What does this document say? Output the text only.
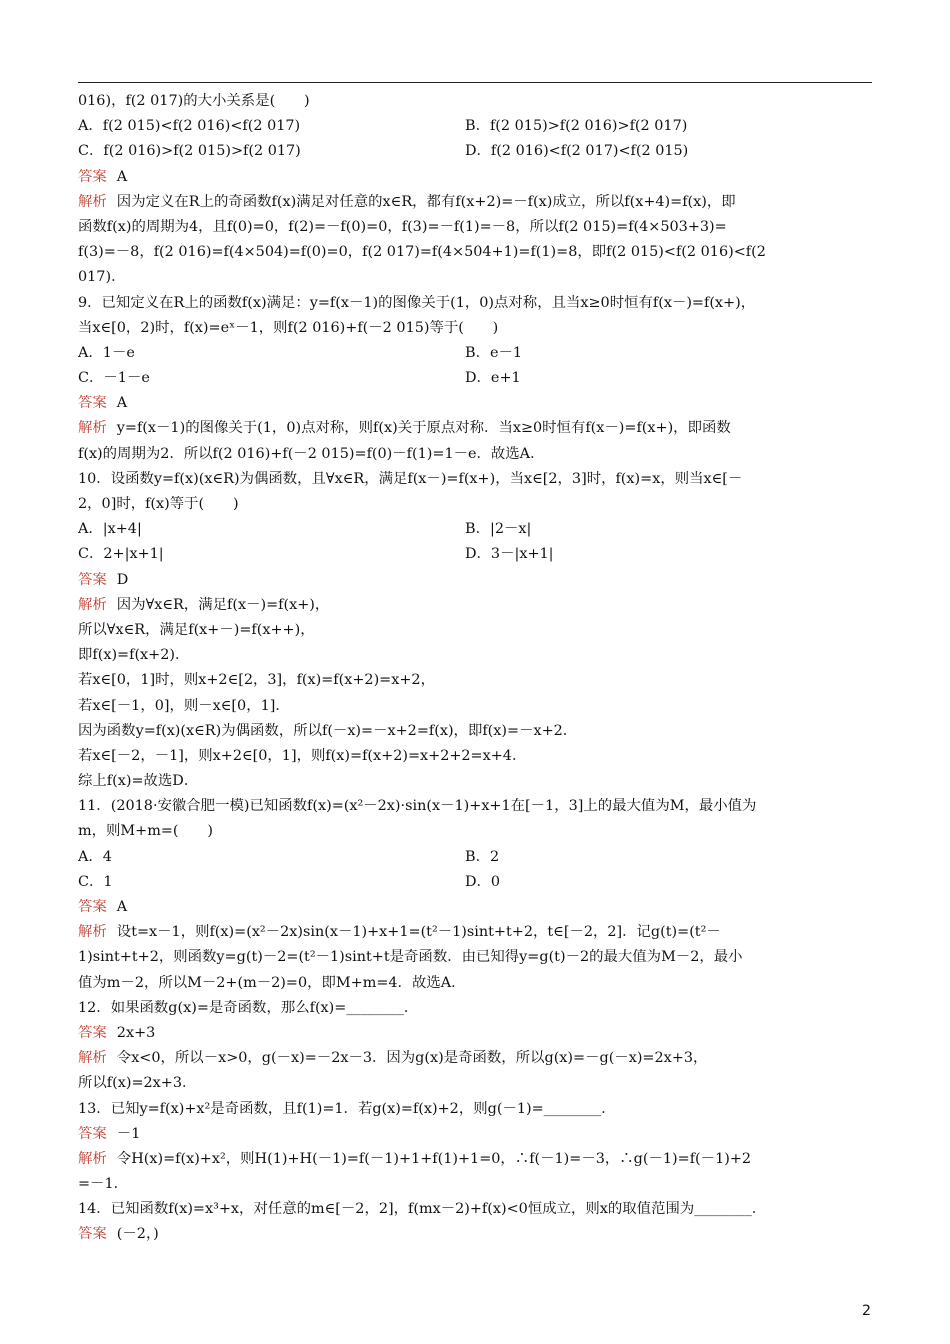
016)，f(2 017)的大小关系是(　　)
A．f(2 015)<f(2 016)<f(2 017)	B．f(2 015)>f(2 016)>f(2 017)
C．f(2 016)>f(2 015)>f(2 017)	D．f(2 016)<f(2 017)<f(2 015)
答案 A
解析 因为定义在R上的奇函数f(x)满足对任意的x∈R，都有f(x+2)=－f(x)成立，所以f(x+4)=f(x)，即
函数f(x)的周期为4，且f(0)=0，f(2)=－f(0)=0，f(3)=－f(1)=－8，所以f(2 015)=f(4×503+3)=
f(3)=－8，f(2 016)=f(4×504)=f(0)=0，f(2 017)=f(4×504+1)=f(1)=8，即f(2 015)<f(2 016)<f(2
017)．
9．已知定义在R上的函数f(x)满足：y=f(x－1)的图像关于(1，0)点对称，且当x≥0时恒有f(x－)=f(x+)，
当x∈[0，2)时，f(x)=eˣ－1，则f(2 016)+f(－2 015)等于(　　)
A．1－e	B．e－1
C．－1－e	D．e+1
答案 A
解析 y=f(x－1)的图像关于(1，0)点对称，则f(x)关于原点对称．当x≥0时恒有f(x－)=f(x+)，即函数
f(x)的周期为2．所以f(2 016)+f(－2 015)=f(0)－f(1)=1－e．故选A．
10．设函数y=f(x)(x∈R)为偶函数，且∀x∈R，满足f(x－)=f(x+)，当x∈[2，3]时，f(x)=x，则当x∈[－
2，0]时，f(x)等于(　　)
A．|x+4|	B．|2－x|
C．2+|x+1|	D．3－|x+1|
答案 D
解析 因为∀x∈R，满足f(x－)=f(x+)，
所以∀x∈R，满足f(x+－)=f(x++)，
即f(x)=f(x+2)．
若x∈[0，1]时，则x+2∈[2，3]，f(x)=f(x+2)=x+2，
若x∈[－1，0]，则－x∈[0，1]．
因为函数y=f(x)(x∈R)为偶函数，所以f(－x)=－x+2=f(x)，即f(x)=－x+2．
若x∈[－2，－1]，则x+2∈[0，1]，则f(x)=f(x+2)=x+2+2=x+4．
综上f(x)=故选D．
11．(2018·安徽合肥一模)已知函数f(x)=(x²－2x)·sin(x－1)+x+1在[－1，3]上的最大值为M，最小值为
m，则M+m=(　　)
A．4	B．2
C．1	D．0
答案 A
解析 设t=x－1，则f(x)=(x²－2x)sin(x－1)+x+1=(t²－1)sint+t+2，t∈[－2，2]．记g(t)=(t²－
1)sint+t+2，则函数y=g(t)－2=(t²－1)sint+t是奇函数．由已知得y=g(t)－2的最大值为M－2，最小
值为m－2，所以M－2+(m－2)=0，即M+m=4．故选A．
12．如果函数g(x)=是奇函数，那么f(x)=________．
答案 2x+3
解析 令x<0，所以－x>0，g(－x)=－2x－3．因为g(x)是奇函数，所以g(x)=－g(－x)=2x+3，
所以f(x)=2x+3．
13．已知y=f(x)+x²是奇函数，且f(1)=1．若g(x)=f(x)+2，则g(－1)=________．
答案 －1
解析 令H(x)=f(x)+x²，则H(1)+H(－1)=f(－1)+1+f(1)+1=0，∴f(－1)=－3，∴g(－1)=f(－1)+2
=－1．
14．已知函数f(x)=x³+x，对任意的m∈[－2，2]，f(mx－2)+f(x)<0恒成立，则x的取值范围为________．
答案 (－2，)
2
